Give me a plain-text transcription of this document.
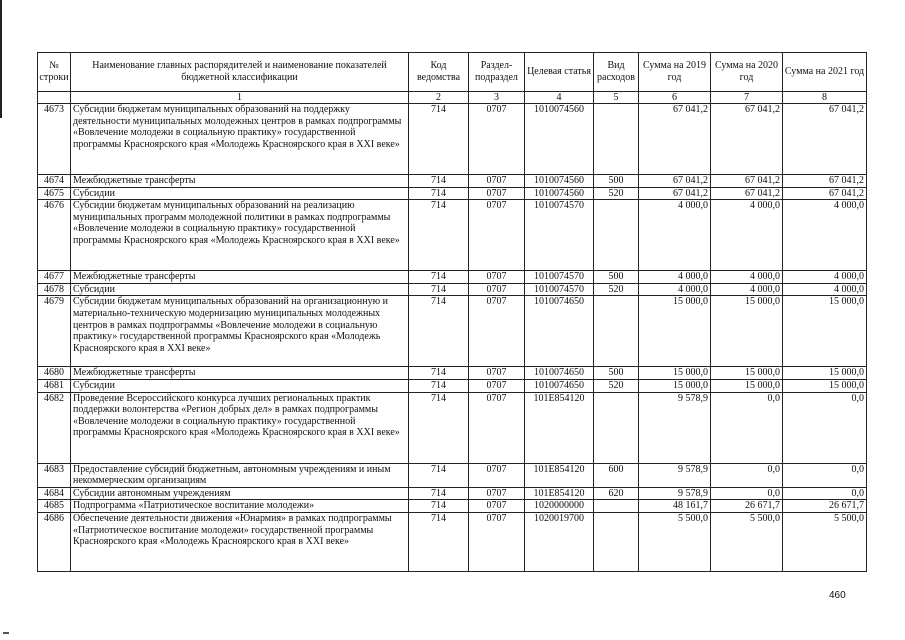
№ строки	Наименование главных распорядителей и наименование показателей бюджетной классификации	Код ведомства	Раздел-подраздел	Целевая статья	Вид расходов	Сумма на 2019 год	Сумма на 2020 год	Сумма на 2021 год
	1	2	3	4	5	6	7	8
4673	Субсидии бюджетам муниципальных образований на поддержку деятельности муниципальных молодежных центров в рамках подпрограммы «Вовлечение молодежи в социальную практику» государственной программы Красноярского края «Молодежь Красноярского края в XXI веке»	714	0707	1010074560		67 041,2	67 041,2	67 041,2
4674	Межбюджетные трансферты	714	0707	1010074560	500	67 041,2	67 041,2	67 041,2
4675	Субсидии	714	0707	1010074560	520	67 041,2	67 041,2	67 041,2
4676	Субсидии бюджетам муниципальных образований на реализацию муниципальных программ молодежной политики в рамках подпрограммы «Вовлечение молодежи в социальную практику» государственной программы Красноярского края «Молодежь Красноярского края в XXI веке»	714	0707	1010074570		4 000,0	4 000,0	4 000,0
4677	Межбюджетные трансферты	714	0707	1010074570	500	4 000,0	4 000,0	4 000,0
4678	Субсидии	714	0707	1010074570	520	4 000,0	4 000,0	4 000,0
4679	Субсидии бюджетам муниципальных образований на организационную и материально-техническую модернизацию муниципальных молодежных центров в рамках подпрограммы «Вовлечение молодежи в социальную практику» государственной программы Красноярского края «Молодежь Красноярского края в XXI веке»	714	0707	1010074650		15 000,0	15 000,0	15 000,0
4680	Межбюджетные трансферты	714	0707	1010074650	500	15 000,0	15 000,0	15 000,0
4681	Субсидии	714	0707	1010074650	520	15 000,0	15 000,0	15 000,0
4682	Проведение Всероссийского конкурса лучших региональных практик поддержки волонтерства «Регион добрых дел» в рамках подпрограммы «Вовлечение молодежи в социальную практику» государственной программы Красноярского края «Молодежь Красноярского края в XXI веке»	714	0707	101E854120		9 578,9	0,0	0,0
4683	Предоставление субсидий бюджетным, автономным учреждениям и иным некоммерческим организациям	714	0707	101E854120	600	9 578,9	0,0	0,0
4684	Субсидии автономным учреждениям	714	0707	101E854120	620	9 578,9	0,0	0,0
4685	Подпрограмма «Патриотическое воспитание молодежи»	714	0707	1020000000		48 161,7	26 671,7	26 671,7
4686	Обеспечение деятельности движения «Юнармия» в рамках подпрограммы «Патриотическое воспитание молодежи» государственной программы Красноярского края «Молодежь Красноярского края в XXI веке»	714	0707	1020019700		5 500,0	5 500,0	5 500,0
460
